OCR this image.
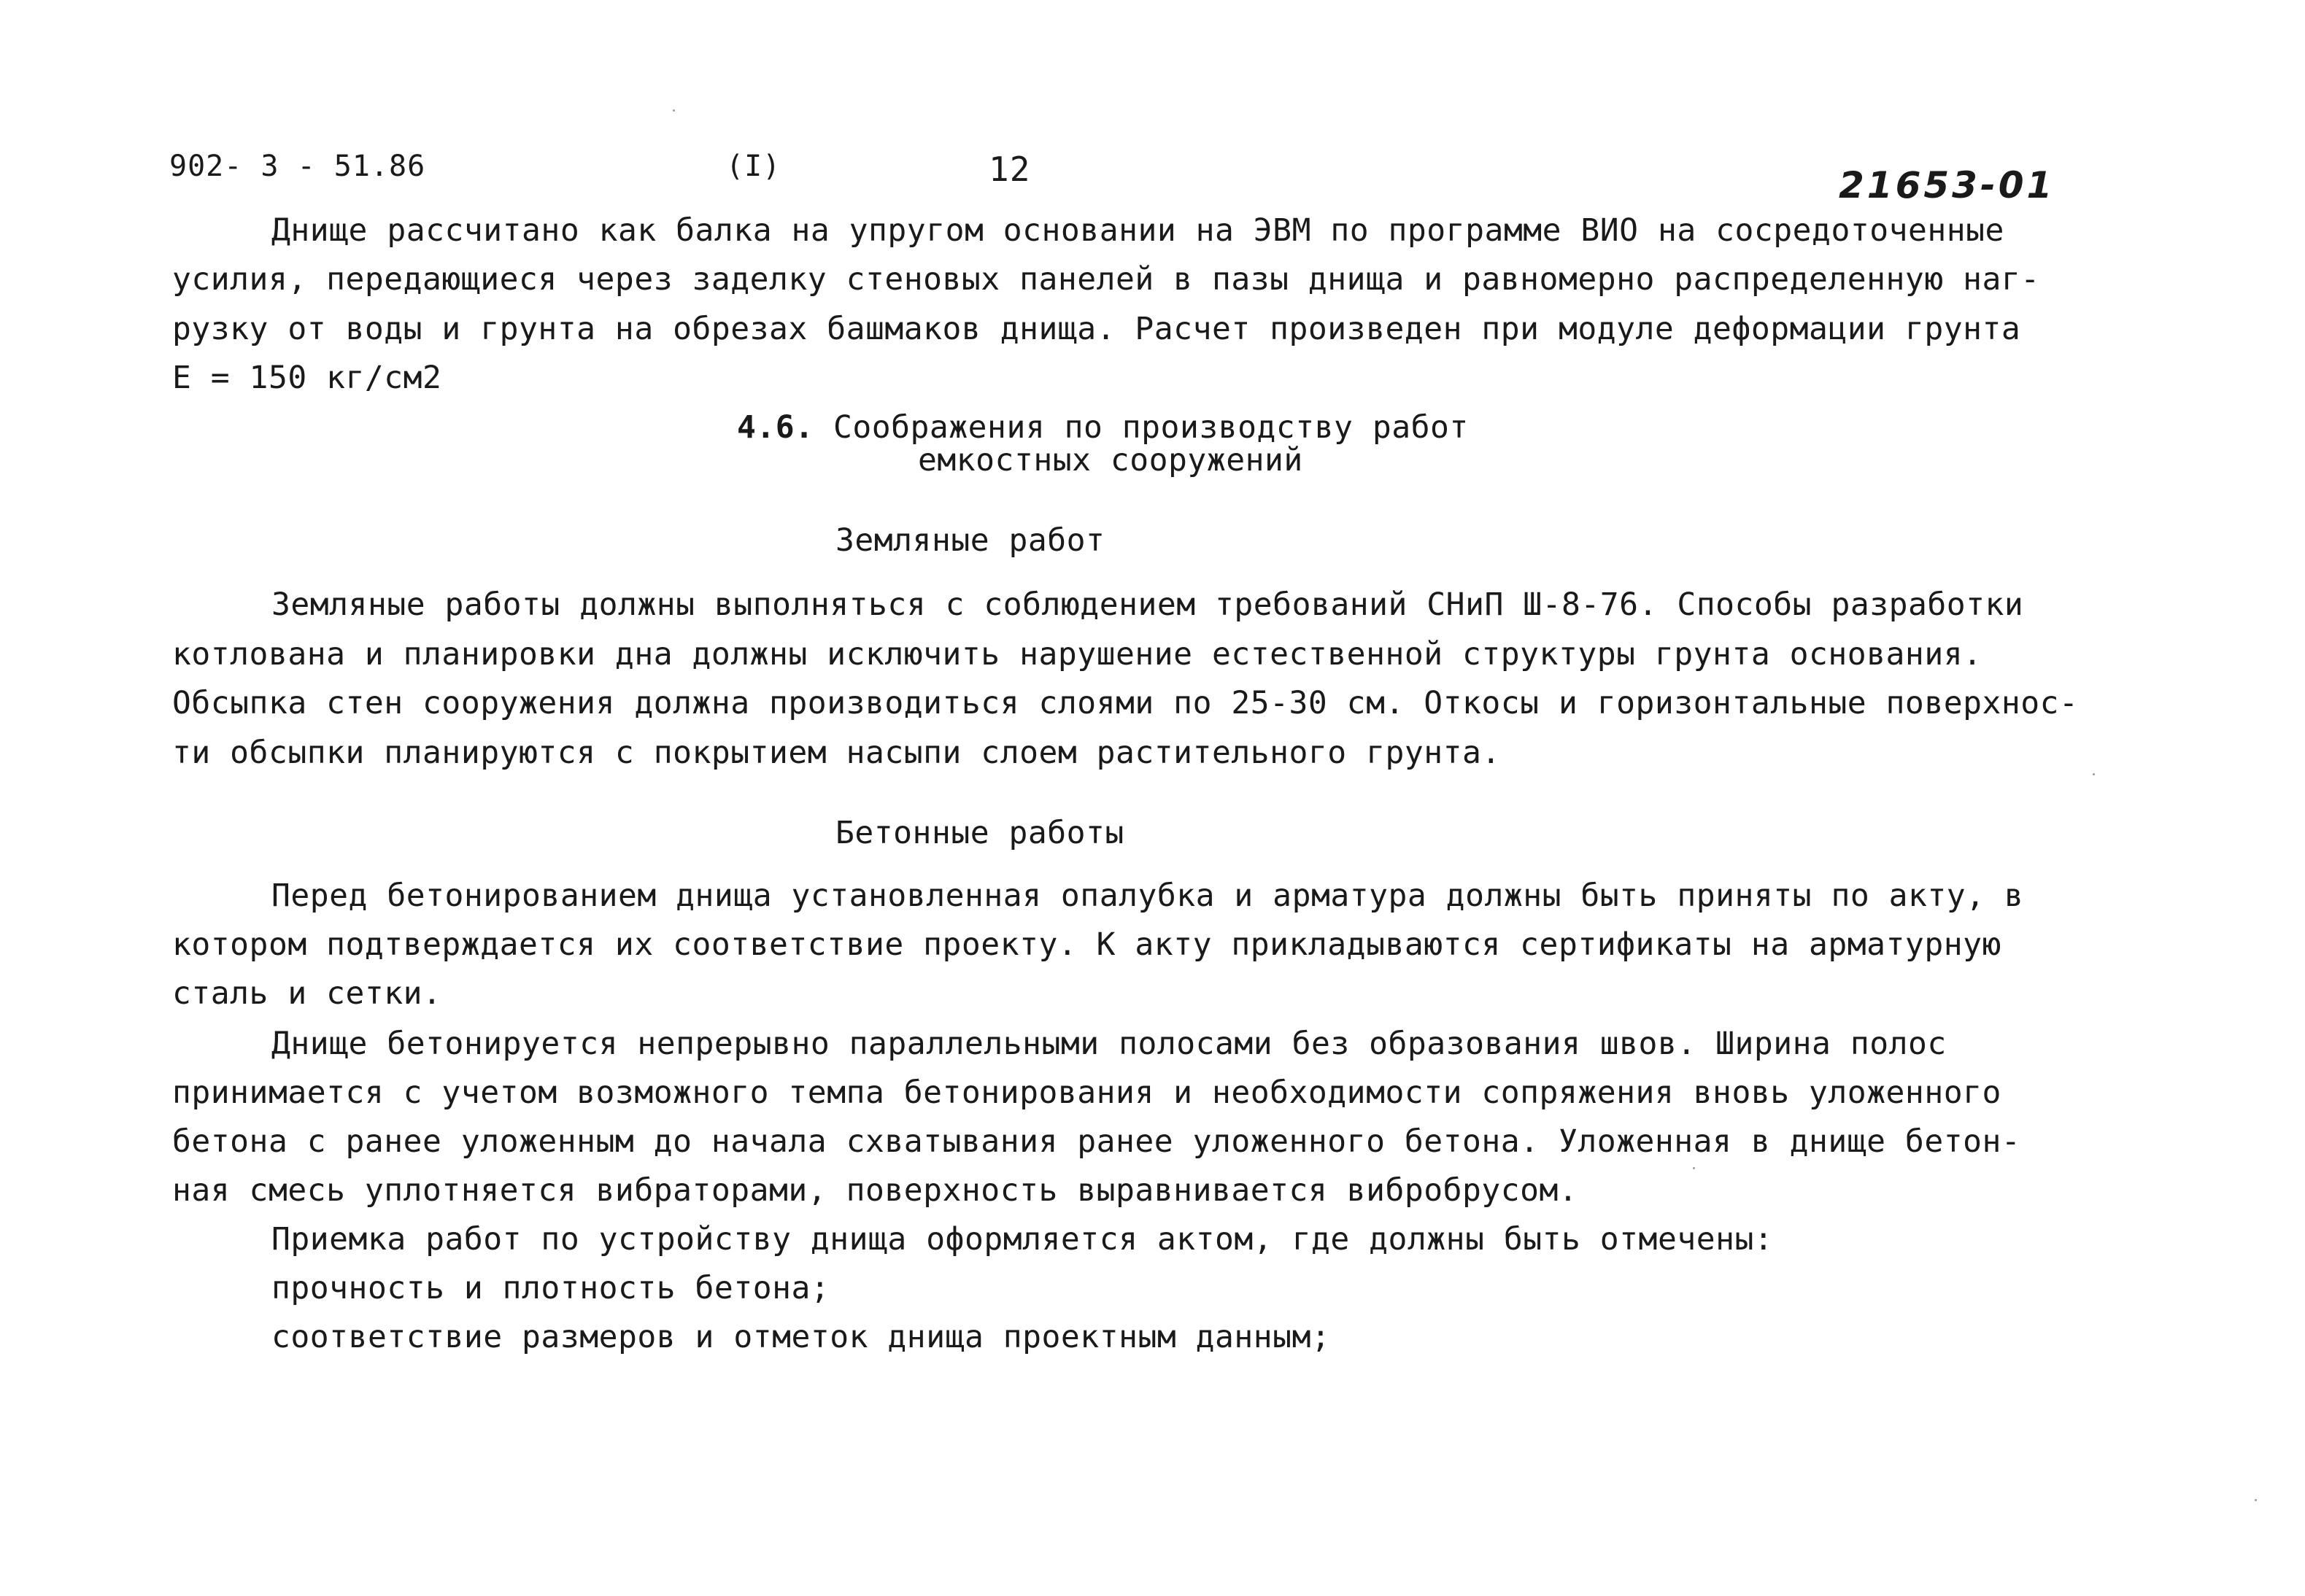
902- 3 - 51.86	(I)	12	21653-01
Днище рассчитано как балка на упругом основании на ЭВМ по программе ВИО на сосредоточенные
усилия, передающиеся через заделку стеновых панелей в пазы днища и равномерно распределенную наг-
рузку от воды и грунта на обрезах башмаков днища. Расчет произведен при модуле деформации грунта
Е = 150 кг/см2
4.6. Соображения по производству работ
емкостных сооружений
Земляные работ
Земляные работы должны выполняться с соблюдением требований СНиП Ш-8-76. Способы разработки
котлована и планировки дна должны исключить нарушение естественной структуры грунта основания.
Обсыпка стен сооружения должна производиться слоями по 25-30 см. Откосы и горизонтальные поверхнос-
ти обсыпки планируются с покрытием насыпи слоем растительного грунта.
Бетонные работы
Перед бетонированием днища установленная опалубка и арматура должны быть приняты по акту, в
котором подтверждается их соответствие проекту. К акту прикладываются сертификаты на арматурную
сталь и сетки.
Днище бетонируется непрерывно параллельными полосами без образования швов. Ширина полос
принимается с учетом возможного темпа бетонирования и необходимости сопряжения вновь уложенного
бетона с ранее уложенным до начала схватывания ранее уложенного бетона. Уложенная в днище бетон-
ная смесь уплотняется вибраторами, поверхность выравнивается вибробрусом.
Приемка работ по устройству днища оформляется актом, где должны быть отмечены:
прочность и плотность бетона;
соответствие размеров и отметок днища проектным данным;
